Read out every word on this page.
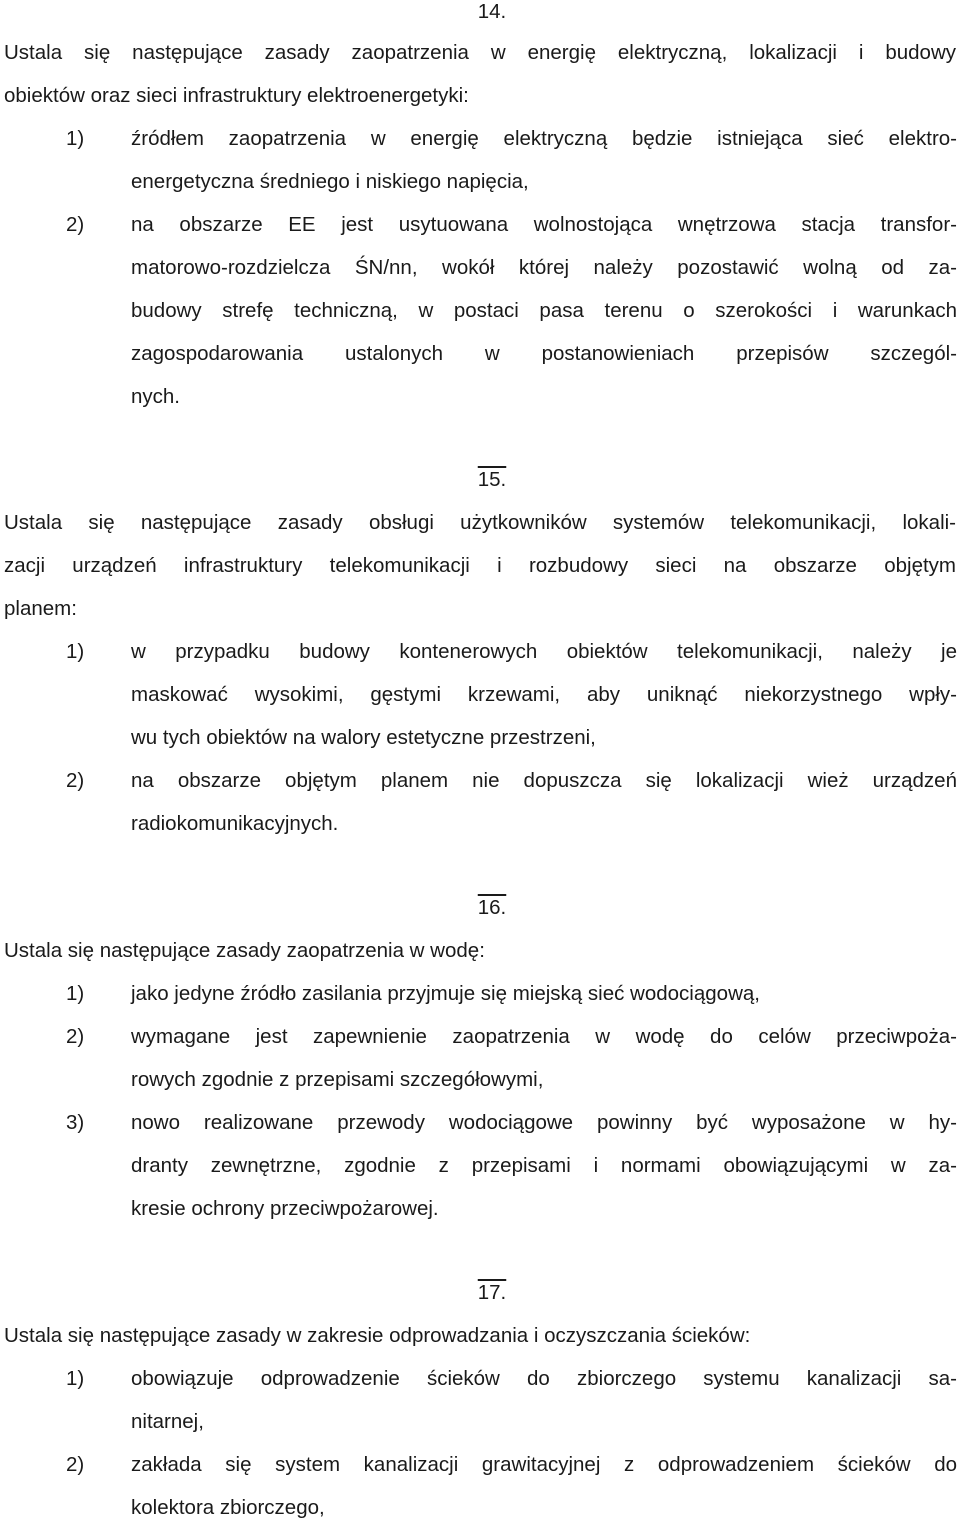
14.
Ustala się następujące zasady zaopatrzenia w energię elektryczną, lokalizacji i budowy
obiektów oraz sieci infrastruktury elektroenergetyki:
1) źródłem zaopatrzenia w energię elektryczną będzie istniejąca sieć elektro-
energetyczna średniego i niskiego napięcia,
2) na obszarze EE jest usytuowana wolnostojąca wnętrzowa stacja transfor-
matorowo-rozdzielcza ŚN/nn, wokół której należy pozostawić wolną od za-
budowy strefę techniczną, w postaci pasa terenu o szerokości i warunkach
zagospodarowania ustalonych w postanowieniach przepisów szczegól-
nych.
15.
Ustala się następujące zasady obsługi użytkowników systemów telekomunikacji, lokali-
zacji urządzeń infrastruktury telekomunikacji i rozbudowy sieci na obszarze objętym
planem:
1) w przypadku budowy kontenerowych obiektów telekomunikacji, należy je
maskować wysokimi, gęstymi krzewami, aby uniknąć niekorzystnego wpły-
wu tych obiektów na walory estetyczne przestrzeni,
2) na obszarze objętym planem nie dopuszcza się lokalizacji wież urządzeń
radiokomunikacyjnych.
16.
Ustala się następujące zasady zaopatrzenia w wodę:
1) jako jedyne źródło zasilania przyjmuje się miejską sieć wodociągową,
2) wymagane jest zapewnienie zaopatrzenia w wodę do celów przeciwpoża-
rowych zgodnie z przepisami szczegółowymi,
3) nowo realizowane przewody wodociągowe powinny być wyposażone w hy-
dranty zewnętrzne, zgodnie z przepisami i normami obowiązującymi w za-
kresie ochrony przeciwpożarowej.
17.
Ustala się następujące zasady w zakresie odprowadzania i oczyszczania ścieków:
1) obowiązuje odprowadzenie ścieków do zbiorczego systemu kanalizacji sa-
nitarnej,
2) zakłada się system kanalizacji grawitacyjnej z odprowadzeniem ścieków do
kolektora zbiorczego,
